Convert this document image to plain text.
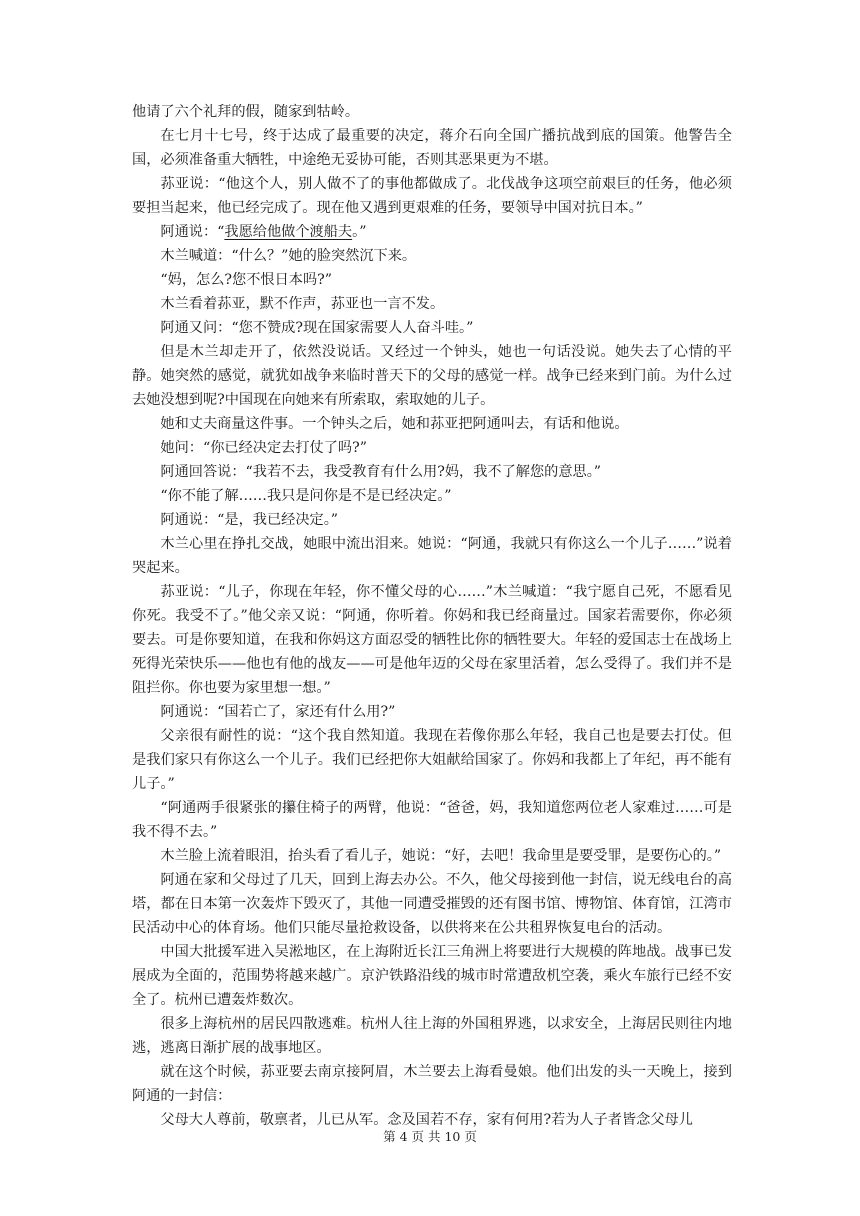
他请了六个礼拜的假，随家到牯岭。

在七月十七号，终于达成了最重要的决定，蒋介石向全国广播抗战到底的国策。他警告全国，必须准备重大牺牲，中途绝无妥协可能，否则其恶果更为不堪。

荪亚说：“他这个人，别人做不了的事他都做成了。北伐战争这项空前艰巨的任务，他必须要担当起来，他已经完成了。现在他又遇到更艰难的任务，要领导中国对抗日本。”

阿通说：“我愿给他做个渡船夫。”

木兰喊道：“什么？”她的脸突然沉下来。

“妈，怎么?您不恨日本吗?”

木兰看着荪亚，默不作声，荪亚也一言不发。

阿通又问：“您不赞成?现在国家需要人人奋斗哇。”

但是木兰却走开了，依然没说话。又经过一个钟头，她也一句话没说。她失去了心情的平静。她突然的感觉，就犹如战争来临时普天下的父母的感觉一样。战争已经来到门前。为什么过去她没想到呢?中国现在向她来有所索取，索取她的儿子。

她和丈夫商量这件事。一个钟头之后，她和荪亚把阿通叫去，有话和他说。

她问：“你已经决定去打仗了吗?”

阿通回答说：“我若不去，我受教育有什么用?妈，我不了解您的意思。”

“你不能了解……我只是问你是不是已经决定。”

阿通说：“是，我已经决定。”

木兰心里在挣扎交战，她眼中流出泪来。她说：“阿通，我就只有你这么一个儿子……”说着哭起来。

荪亚说：“儿子，你现在年轻，你不懂父母的心……”木兰喊道：“我宁愿自己死，不愿看见你死。我受不了。”他父亲又说：“阿通，你听着。你妈和我已经商量过。国家若需要你，你必须要去。可是你要知道，在我和你妈这方面忍受的牺牲比你的牺牲要大。年轻的爱国志士在战场上死得光荣快乐——他也有他的战友——可是他年迈的父母在家里活着，怎么受得了。我们并不是阻拦你。你也要为家里想一想。”

阿通说：“国若亡了，家还有什么用?”

父亲很有耐性的说：“这个我自然知道。我现在若像你那么年轻，我自己也是要去打仗。但是我们家只有你这么一个儿子。我们已经把你大姐献给国家了。你妈和我都上了年纪，再不能有儿子。”

“阿通两手很紧张的攥住椅子的两臂，他说：“爸爸，妈，我知道您两位老人家难过……可是我不得不去。”

木兰脸上流着眼泪，抬头看了看儿子，她说：“好，去吧！我命里是要受罪，是要伤心的。”

阿通在家和父母过了几天，回到上海去办公。不久，他父母接到他一封信，说无线电台的高塔，都在日本第一次轰炸下毁灭了，其他一同遭受摧毁的还有图书馆、博物馆、体育馆，江湾市民活动中心的体育场。他们只能尽量抢救设备，以供将来在公共租界恢复电台的活动。

中国大批援军进入吴淞地区，在上海附近长江三角洲上将要进行大规模的阵地战。战事已发展成为全面的，范围势将越来越广。京沪铁路沿线的城市时常遭敌机空袭，乘火车旅行已经不安全了。杭州已遭轰炸数次。

很多上海杭州的居民四散逃难。杭州人往上海的外国租界逃，以求安全，上海居民则往内地逃，逃离日渐扩展的战事地区。

就在这个时候，荪亚要去南京接阿眉，木兰要去上海看曼娘。他们出发的头一天晚上，接到阿通的一封信：

父母大人尊前，敬禀者，儿已从军。念及国若不存，家有何用?若为人子者皆念父母儿

第 4 页 共 10 页
